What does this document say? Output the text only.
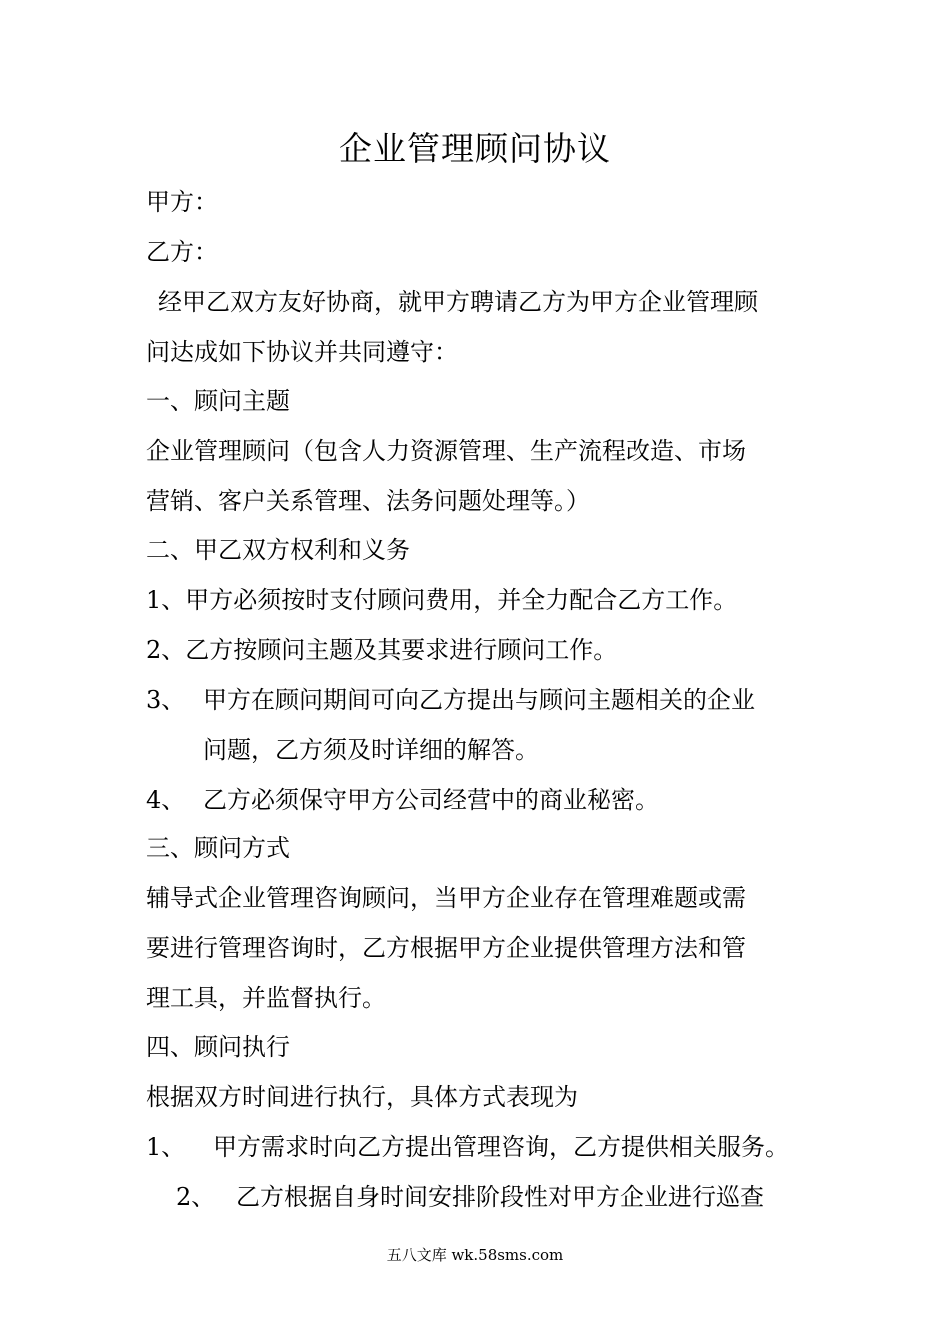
企业管理顾问协议
甲方：
乙方：
经甲乙双方友好协商，就甲方聘请乙方为甲方企业管理顾
问达成如下协议并共同遵守：
一、顾问主题
企业管理顾问（包含人力资源管理、生产流程改造、市场
营销、客户关系管理、法务问题处理等。）
二、甲乙双方权利和义务
1、甲方必须按时支付顾问费用，并全力配合乙方工作。
2、乙方按顾问主题及其要求进行顾问工作。
3、 甲方在顾问期间可向乙方提出与顾问主题相关的企业
问题，乙方须及时详细的解答。
4、 乙方必须保守甲方公司经营中的商业秘密。
三、顾问方式
辅导式企业管理咨询顾问，当甲方企业存在管理难题或需
要进行管理咨询时，乙方根据甲方企业提供管理方法和管
理工具，并监督执行。
四、顾问执行
根据双方时间进行执行，具体方式表现为
1、 甲方需求时向乙方提出管理咨询，乙方提供相关服务。
2、 乙方根据自身时间安排阶段性对甲方企业进行巡查
五八文库 wk.58sms.com
